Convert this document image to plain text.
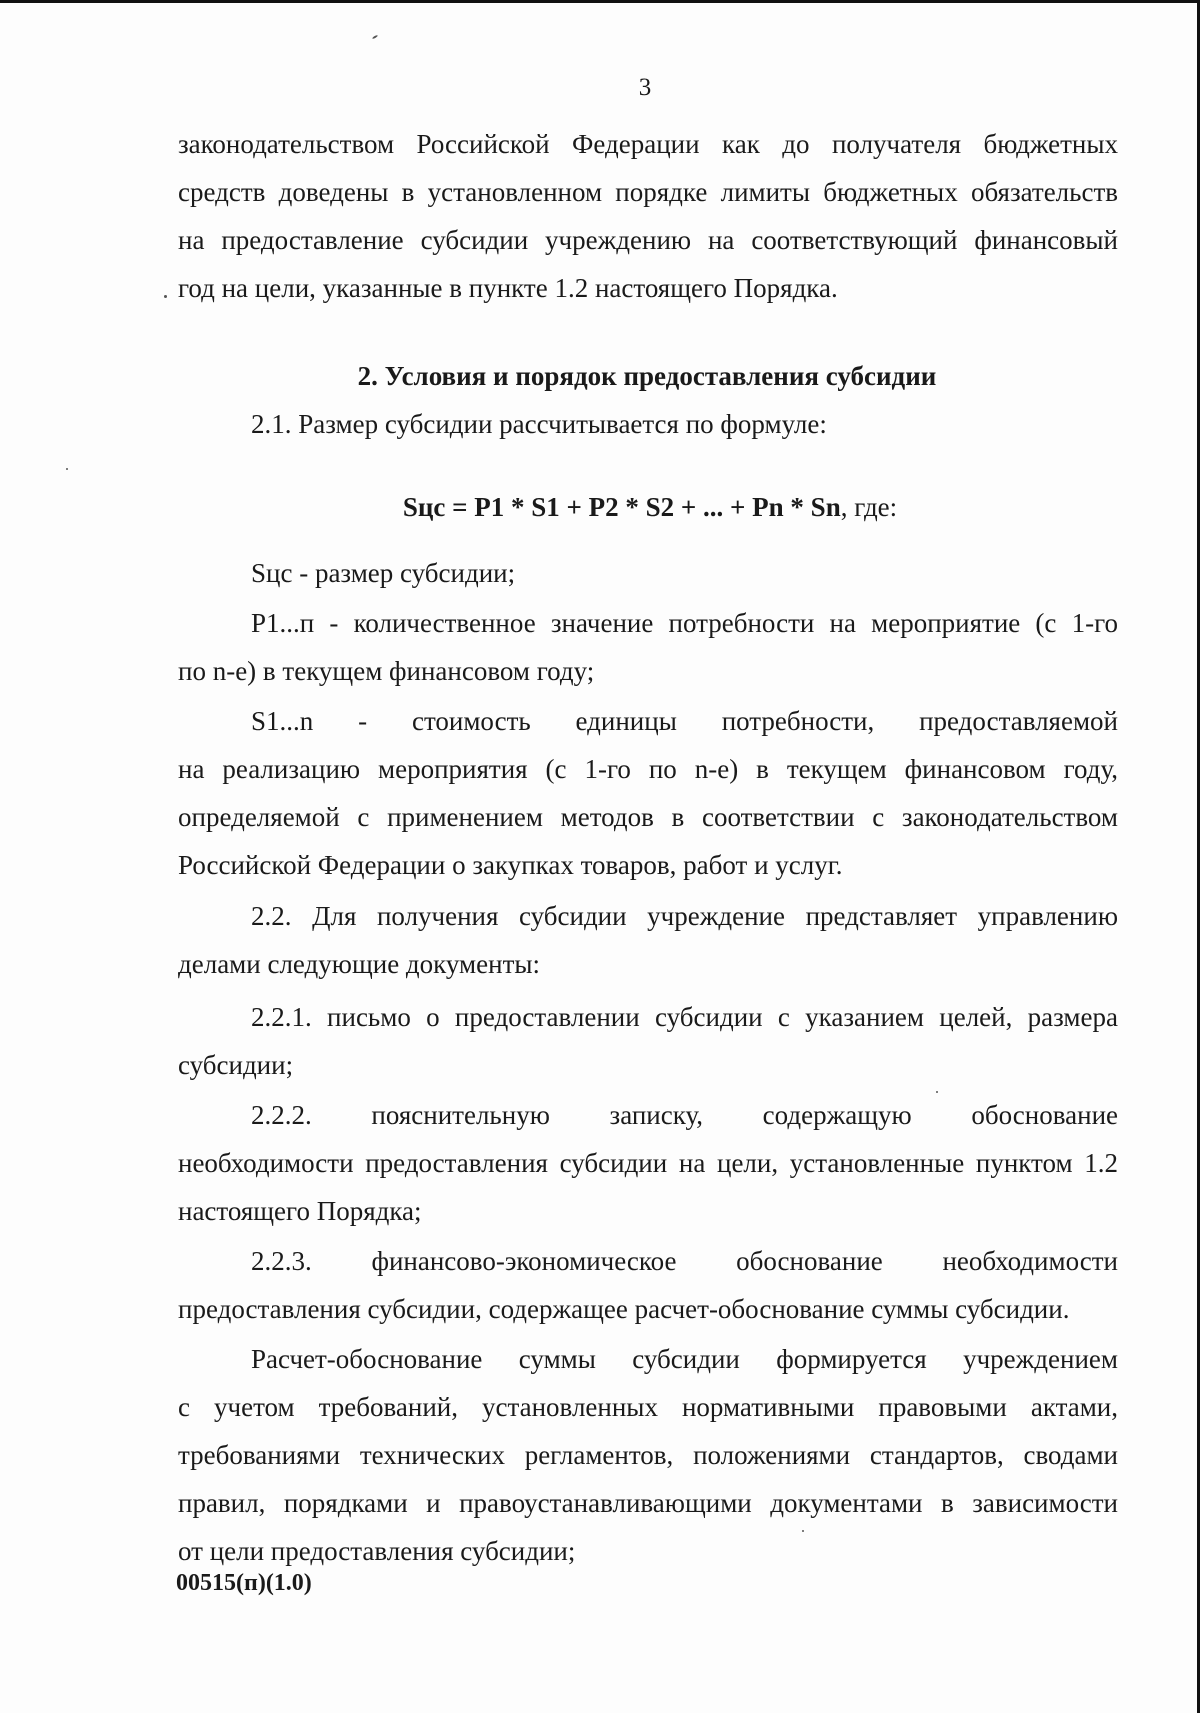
3

законодательством Российской Федерации как до получателя бюджетных

средств доведены в установленном порядке лимиты бюджетных обязательств

на предоставление субсидии учреждению на соответствующий финансовый

год на цели, указанные в пункте 1.2 настоящего Порядка.

2. Условия и порядок предоставления субсидии

2.1. Размер субсидии рассчитывается по формуле:

Sцс = P1 * S1 + P2 * S2 + ... + Pn * Sn, где:

Sцс - размер субсидии;

P1...п - количественное значение потребности на мероприятие (с 1-го

по n-е) в текущем финансовом году;

S1...n - стоимость единицы потребности, предоставляемой

на реализацию мероприятия (с 1-го по n-е) в текущем финансовом году,

определяемой с применением методов в соответствии с законодательством

Российской Федерации о закупках товаров, работ и услуг.

2.2. Для получения субсидии учреждение представляет управлению

делами следующие документы:

2.2.1. письмо о предоставлении субсидии с указанием целей, размера

субсидии;

2.2.2. пояснительную записку, содержащую обоснование

необходимости предоставления субсидии на цели, установленные пунктом 1.2

настоящего Порядка;

2.2.3. финансово-экономическое обоснование необходимости

предоставления субсидии, содержащее расчет-обоснование суммы субсидии.

Расчет-обоснование суммы субсидии формируется учреждением

с учетом требований, установленных нормативными правовыми актами,

требованиями технических регламентов, положениями стандартов, сводами

правил, порядками и правоустанавливающими документами в зависимости

от цели предоставления субсидии;

00515(п)(1.0)
